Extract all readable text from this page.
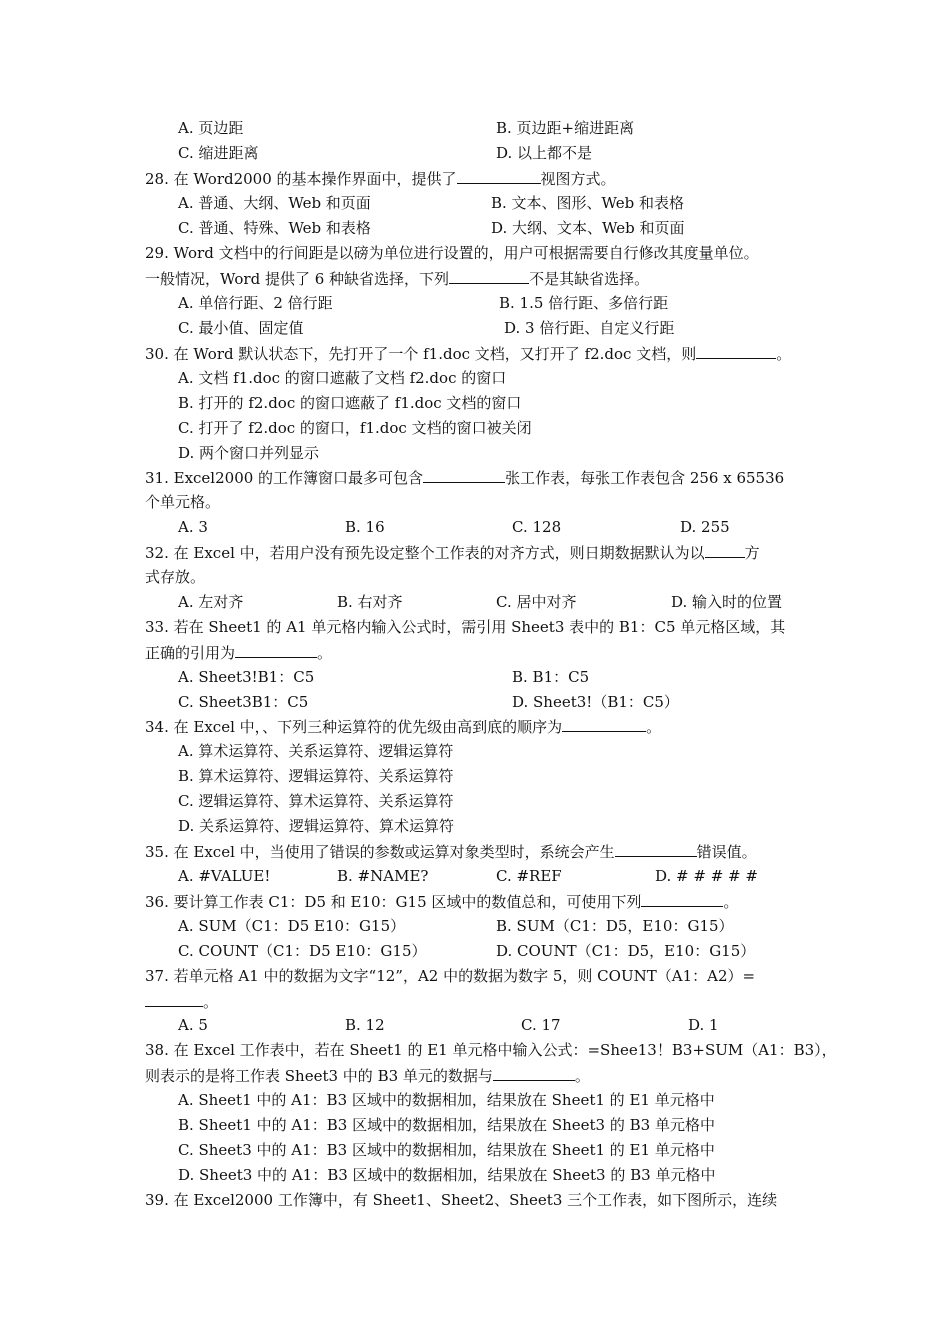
A. 页边距	B. 页边距+缩进距离
C. 缩进距离	D. 以上都不是
28. 在 Word2000 的基本操作界面中，提供了	视图方式。
A. 普通、大纲、Web 和页面	B. 文本、图形、Web 和表格
C. 普通、特殊、Web 和表格	D. 大纲、文本、Web 和页面
29. Word 文档中的行间距是以磅为单位进行设置的，用户可根据需要自行修改其度量单位。
一般情况，Word 提供了 6 种缺省选择，下列	不是其缺省选择。
A. 单倍行距、2 倍行距	B. 1.5 倍行距、多倍行距
C. 最小值、固定值	D. 3 倍行距、自定义行距
30. 在 Word 默认状态下，先打开了一个 f1.doc 文档，又打开了 f2.doc 文档，则	。
A. 文档 f1.doc 的窗口遮蔽了文档 f2.doc 的窗口
B. 打开的 f2.doc 的窗口遮蔽了 f1.doc 文档的窗口
C. 打开了 f2.doc 的窗口，f1.doc 文档的窗口被关闭
D. 两个窗口并列显示
31. Excel2000 的工作簿窗口最多可包含	张工作表，每张工作表包含 256 x 65536
个单元格。
A. 3	B. 16	C. 128	D. 255
32. 在 Excel 中，若用户没有预先设定整个工作表的对齐方式，则日期数据默认为以	方
式存放。
A. 左对齐	B. 右对齐	C. 居中对齐	D. 输入时的位置
33. 若在 Sheet1 的 A1 单元格内输入公式时，需引用 Sheet3 表中的 B1：C5 单元格区域，其
正确的引用为	。
A. Sheet3!B1：C5	B. B1：C5
C. Sheet3B1：C5	D. Sheet3!（B1：C5）
34. 在 Excel 中，、下列三种运算符的优先级由高到底的顺序为	。
A. 算术运算符、关系运算符、逻辑运算符
B. 算术运算符、逻辑运算符、关系运算符
C. 逻辑运算符、算术运算符、关系运算符
D. 关系运算符、逻辑运算符、算术运算符
35. 在 Excel 中，当使用了错误的参数或运算对象类型时，系统会产生	错误值。
A. #VALUE!	B. #NAME?	C. #REF	D. # # # # #
36. 要计算工作表 C1：D5 和 E10：G15 区域中的数值总和，可使用下列	。
A. SUM（C1：D5 E10：G15）	B. SUM（C1：D5，E10：G15）
C. COUNT（C1：D5 E10：G15）	D. COUNT（C1：D5，E10：G15）
37. 若单元格 A1 中的数据为文字“12”，A2 中的数据为数字 5，则 COUNT（A1：A2）=
。
A. 5	B. 12	C. 17	D. 1
38. 在 Excel 工作表中，若在 Sheet1 的 E1 单元格中输入公式：=Shee13！B3+SUM（A1：B3），
则表示的是将工作表 Sheet3 中的 B3 单元的数据与	。
A. Sheet1 中的 A1：B3 区域中的数据相加，结果放在 Sheet1 的 E1 单元格中
B. Sheet1 中的 A1：B3 区域中的数据相加，结果放在 Sheet3 的 B3 单元格中
C. Sheet3 中的 A1：B3 区域中的数据相加，结果放在 Sheet1 的 E1 单元格中
D. Sheet3 中的 A1：B3 区域中的数据相加，结果放在 Sheet3 的 B3 单元格中
39. 在 Excel2000 工作簿中，有 Sheet1、Sheet2、Sheet3 三个工作表，如下图所示，连续
